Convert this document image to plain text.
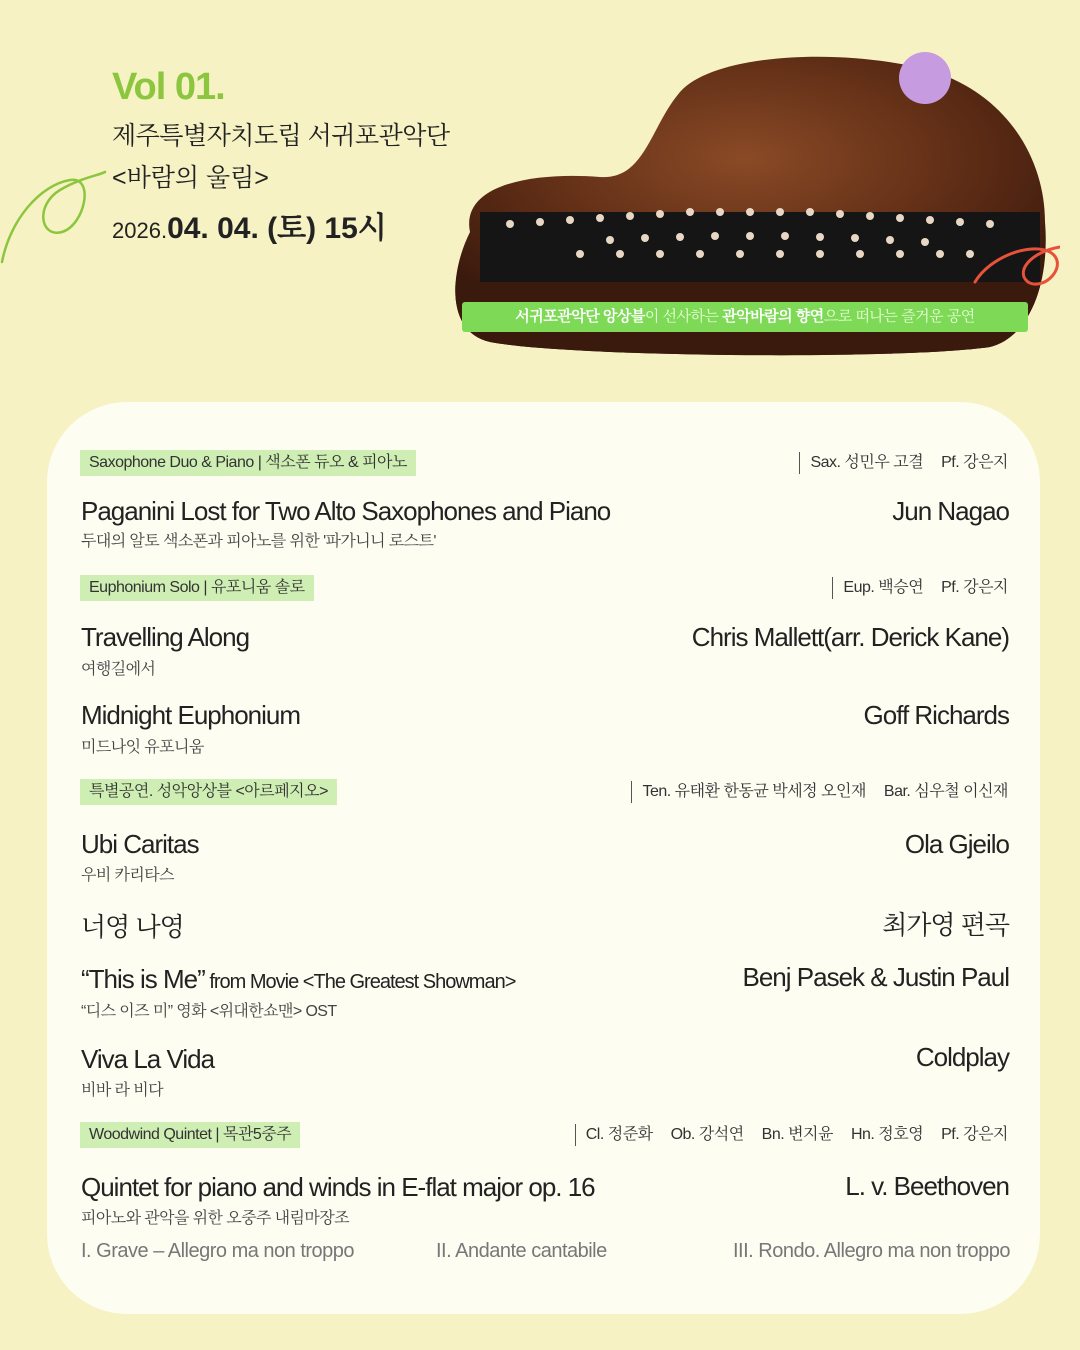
Vol 01.
제주특별자치도립 서귀포관악단
<바람의 울림>
2026.04. 04. (토) 15시
서귀포관악단 앙상블이 선사하는 관악바람의 향연으로 떠나는 즐거운 공연
Saxophone Duo & Piano | 색소폰 듀오 & 피아노	Sax. 성민우 고결 Pf. 강은지
Paganini Lost for Two Alto Saxophones and Piano
두대의 알토 색소폰과 피아노를 위한 '파가니니 로스트'
Jun Nagao
Euphonium Solo | 유포니움 솔로	Eup. 백승연 Pf. 강은지
Travelling Along
여행길에서
Chris Mallett(arr. Derick Kane)
Midnight Euphonium
미드나잇 유포니움
Goff Richards
특별공연. 성악앙상블 <아르페지오>	Ten. 유태환 한동균 박세정 오인재 Bar. 심우철 이신재
Ubi Caritas
우비 카리타스
Ola Gjeilo
너영 나영	최가영 편곡
“This is Me” from Movie <The Greatest Showman>
“디스 이즈 미” 영화 <위대한쇼맨> OST
Benj Pasek & Justin Paul
Viva La Vida
비바 라 비다
Coldplay
Woodwind Quintet | 목관5중주	Cl. 정준화 Ob. 강석연 Bn. 변지윤 Hn. 정호영 Pf. 강은지
Quintet for piano and winds in E-flat major op. 16
피아노와 관악을 위한 오중주 내림마장조
L. v. Beethoven
I. Grave – Allegro ma non troppo	II. Andante cantabile	III. Rondo. Allegro ma non troppo
